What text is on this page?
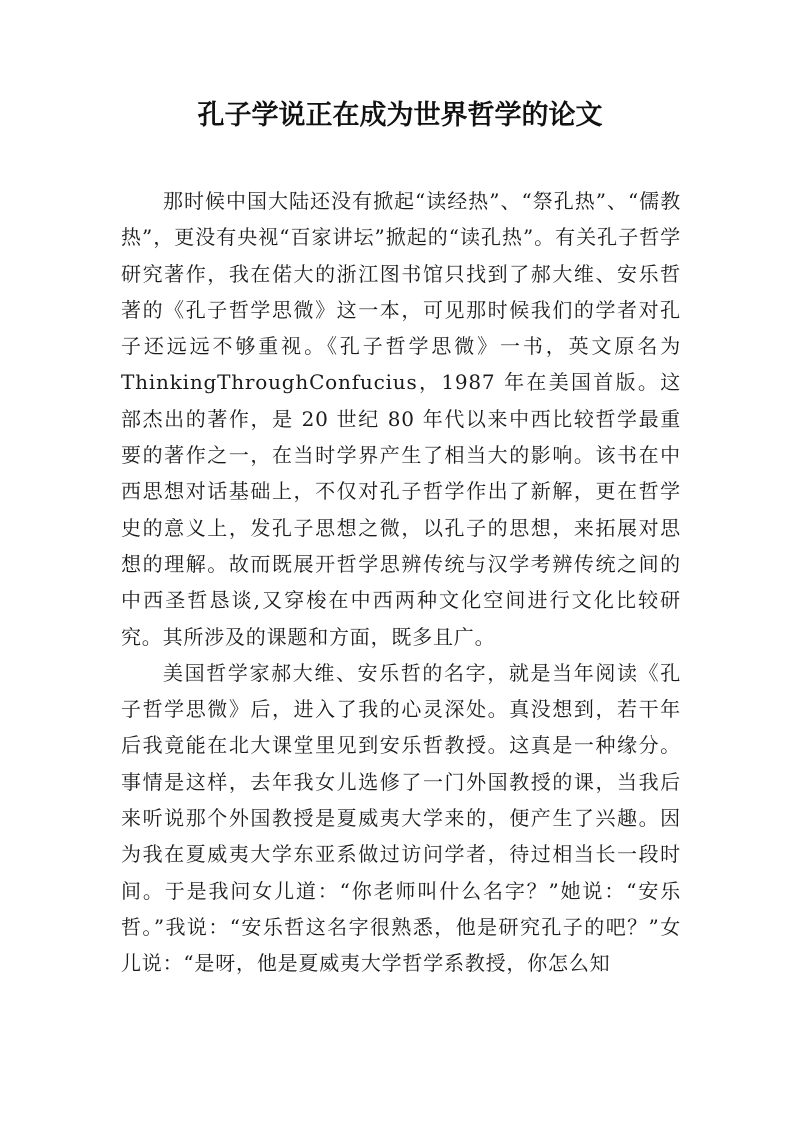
孔子学说正在成为世界哲学的论文

那时候中国大陆还没有掀起“读经热”、“祭孔热”、“儒教热”，更没有央视“百家讲坛”掀起的“读孔热”。有关孔子哲学研究著作，我在偌大的浙江图书馆只找到了郝大维、安乐哲著的《孔子哲学思微》这一本，可见那时候我们的学者对孔子还远远不够重视。《孔子哲学思微》一书，英文原名为 ThinkingThroughConfucius，1987 年在美国首版。这部杰出的著作，是 20 世纪 80 年代以来中西比较哲学最重要的著作之一，在当时学界产生了相当大的影响。该书在中西思想对话基础上，不仅对孔子哲学作出了新解，更在哲学史的意义上，发孔子思想之微，以孔子的思想，来拓展对思想的理解。故而既展开哲学思辨传统与汉学考辨传统之间的中西圣哲恳谈,又穿梭在中西两种文化空间进行文化比较研究。其所涉及的课题和方面，既多且广。

美国哲学家郝大维、安乐哲的名字，就是当年阅读《孔子哲学思微》后，进入了我的心灵深处。真没想到，若干年后我竟能在北大课堂里见到安乐哲教授。这真是一种缘分。事情是这样，去年我女儿选修了一门外国教授的课，当我后来听说那个外国教授是夏威夷大学来的，便产生了兴趣。因为我在夏威夷大学东亚系做过访问学者，待过相当长一段时间。于是我问女儿道：“你老师叫什么名字？”她说：“安乐哲。”我说：“安乐哲这名字很熟悉，他是研究孔子的吧？”女儿说：“是呀，他是夏威夷大学哲学系教授，你怎么知
